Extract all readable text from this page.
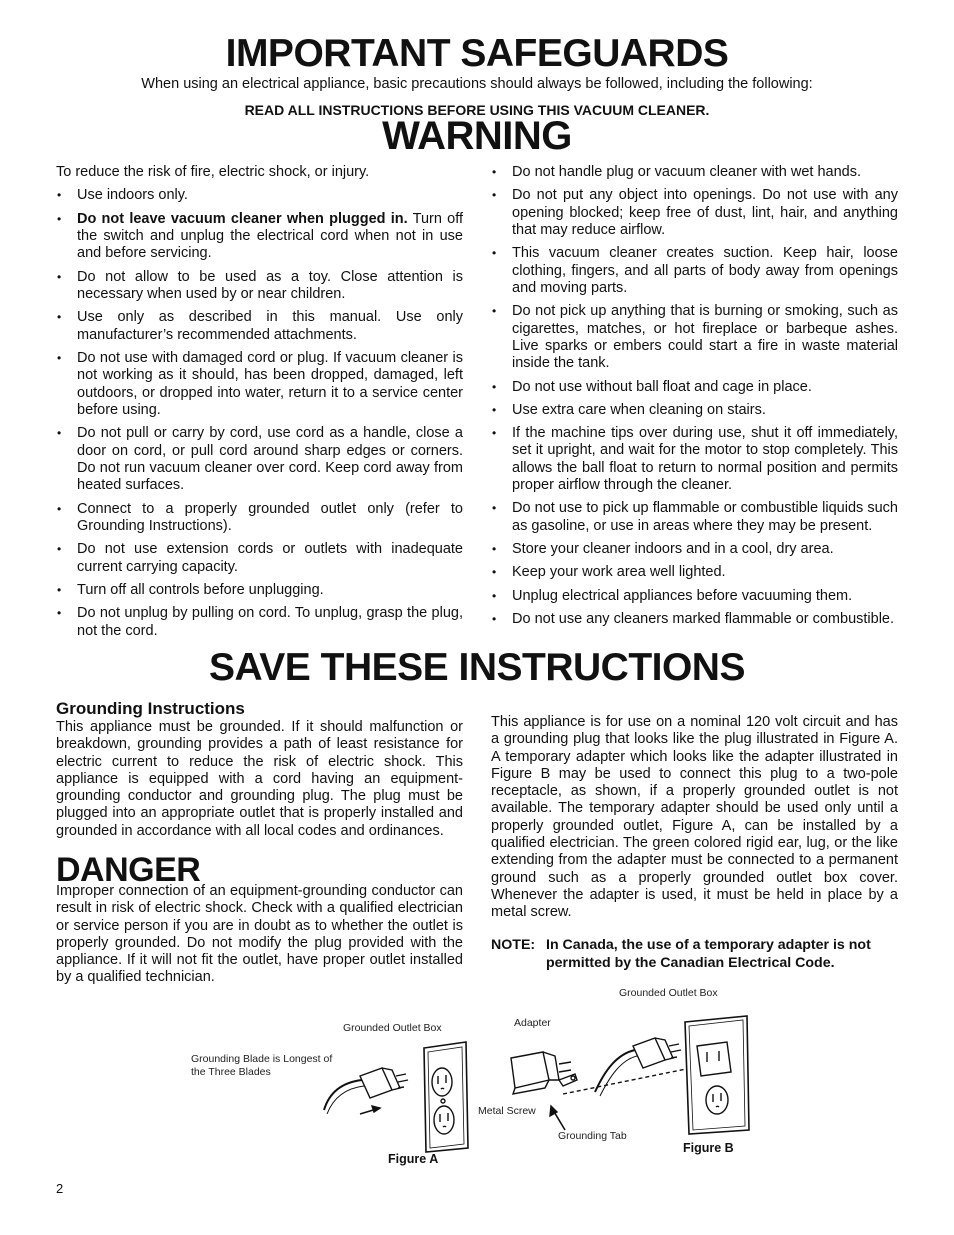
IMPORTANT SAFEGUARDS
When using an electrical appliance, basic precautions should always be followed, including the following:
READ ALL INSTRUCTIONS BEFORE USING THIS VACUUM CLEANER.
WARNING

To reduce the risk of fire, electric shock, or injury.

• Use indoors only.
• Do not leave vacuum cleaner when plugged in. Turn off the switch and unplug the electrical cord when not in use and before servicing.
• Do not allow to be used as a toy. Close attention is necessary when used by or near children.
• Use only as described in this manual. Use only manufacturer’s recommended attachments.
• Do not use with damaged cord or plug. If vacuum cleaner is not working as it should, has been dropped, damaged, left outdoors, or dropped into water, return it to a service center before using.
• Do not pull or carry by cord, use cord as a handle, close a door on cord, or pull cord around sharp edges or corners. Do not run vacuum cleaner over cord. Keep cord away from heated surfaces.
• Connect to a properly grounded outlet only (refer to Grounding Instructions).
• Do not use extension cords or outlets with inadequate current carrying capacity.
• Turn off all controls before unplugging.
• Do not unplug by pulling on cord. To unplug, grasp the plug, not the cord.
• Do not handle plug or vacuum cleaner with wet hands.
• Do not put any object into openings. Do not use with any opening blocked; keep free of dust, lint, hair, and anything that may reduce airflow.
• This vacuum cleaner creates suction. Keep hair, loose clothing, fingers, and all parts of body away from openings and moving parts.
• Do not pick up anything that is burning or smoking, such as cigarettes, matches, or hot fireplace or barbeque ashes. Live sparks or embers could start a fire in waste material inside the tank.
• Do not use without ball float and cage in place.
• Use extra care when cleaning on stairs.
• If the machine tips over during use, shut it off immediately, set it upright, and wait for the motor to stop completely. This allows the ball float to return to normal position and permits proper airflow through the cleaner.
• Do not use to pick up flammable or combustible liquids such as gasoline, or use in areas where they may be present.
• Store your cleaner indoors and in a cool, dry area.
• Keep your work area well lighted.
• Unplug electrical appliances before vacuuming them.
• Do not use any cleaners marked flammable or combustible.
SAVE THESE INSTRUCTIONS
Grounding Instructions

This appliance must be grounded. If it should malfunction or breakdown, grounding provides a path of least resistance for electric current to reduce the risk of electric shock. This appliance is equipped with a cord having an equipment-grounding conductor and grounding plug. The plug must be plugged into an appropriate outlet that is properly installed and grounded in accordance with all local codes and ordinances.

DANGER

Improper connection of an equipment-grounding conductor can result in risk of electric shock. Check with a qualified electrician or service person if you are in doubt as to whether the outlet is properly grounded. Do not modify the plug provided with the appliance. If it will not fit the outlet, have proper outlet installed by a qualified technician.

This appliance is for use on a nominal 120 volt circuit and has a grounding plug that looks like the plug illustrated in Figure A. A temporary adapter which looks like the adapter illustrated in Figure B may be used to connect this plug to a two-pole receptacle, as shown, if a properly grounded outlet is not available. The temporary adapter should be used only until a properly grounded outlet, Figure A, can be installed by a qualified electrician. The green colored rigid ear, lug, or the like extending from the adapter must be connected to a permanent ground such as a properly grounded outlet box cover. Whenever the adapter is used, it must be held in place by a metal screw.

NOTE: In Canada, the use of a temporary adapter is not permitted by the Canadian Electrical Code.
Grounded Outlet Box
Grounding Blade is Longest of the Three Blades
Figure A
Grounded Outlet Box
Adapter
Metal Screw
Grounding Tab
Figure B
2
